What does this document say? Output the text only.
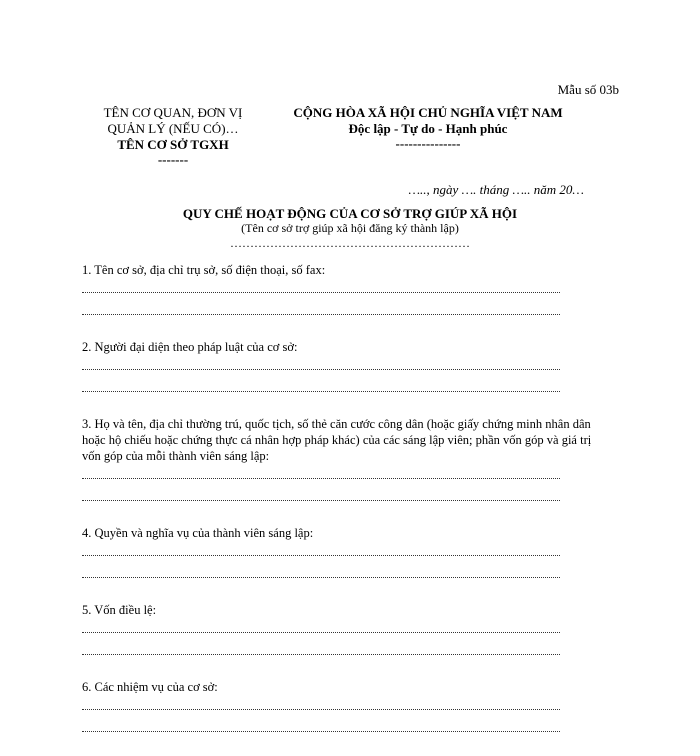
Mẫu số 03b
TÊN CƠ QUAN, ĐƠN VỊ
QUẢN LÝ (NẾU CÓ)…
TÊN CƠ SỞ TGXH
-------
CỘNG HÒA XÃ HỘI CHỦ NGHĨA VIỆT NAM
Độc lập - Tự do - Hạnh phúc
---------------
….., ngày …. tháng ….. năm 20…
QUY CHẾ HOẠT ĐỘNG CỦA CƠ SỞ TRỢ GIÚP XÃ HỘI
(Tên cơ sở trợ giúp xã hội đăng ký thành lập)
……………………………………………………

1. Tên cơ sở, địa chỉ trụ sở, số điện thoại, số fax:

2. Người đại diện theo pháp luật của cơ sở:

3. Họ và tên, địa chỉ thường trú, quốc tịch, số thẻ căn cước công dân (hoặc giấy chứng minh nhân dân hoặc hộ chiếu hoặc chứng thực cá nhân hợp pháp khác) của các sáng lập viên; phần vốn góp và giá trị vốn góp của mỗi thành viên sáng lập:

4. Quyền và nghĩa vụ của thành viên sáng lập:

5. Vốn điều lệ:

6. Các nhiệm vụ của cơ sở:
